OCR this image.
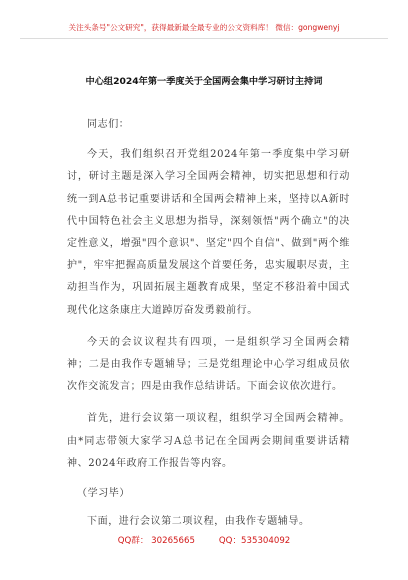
关注头条号"公文研究"，获得最新最全最专业的公文资料库！ 微信：gongwenyj
中心组2024年第一季度关于全国两会集中学习研讨主持词

同志们：

今天，我们组织召开党组2024年第一季度集中学习研讨，研讨主题是深入学习全国两会精神，切实把思想和行动统一到A总书记重要讲话和全国两会精神上来，坚持以A新时代中国特色社会主义思想为指导，深刻领悟"两个确立"的决定性意义，增强"四个意识"、坚定"四个自信"、做到"两个维护"，牢牢把握高质量发展这个首要任务，忠实履职尽责，主动担当作为，巩固拓展主题教育成果，坚定不移沿着中国式现代化这条康庄大道踔厉奋发勇毅前行。

今天的会议议程共有四项，一是组织学习全国两会精神；二是由我作专题辅导；三是党组理论中心学习组成员依次作交流发言；四是由我作总结讲话。下面会议依次进行。

首先，进行会议第一项议程，组织学习全国两会精神。由*同志带领大家学习A总书记在全国两会期间重要讲话精神、2024年政府工作报告等内容。

（学习毕）

下面，进行会议第二项议程，由我作专题辅导。

QQ群： 30265665	QQ：535304092
